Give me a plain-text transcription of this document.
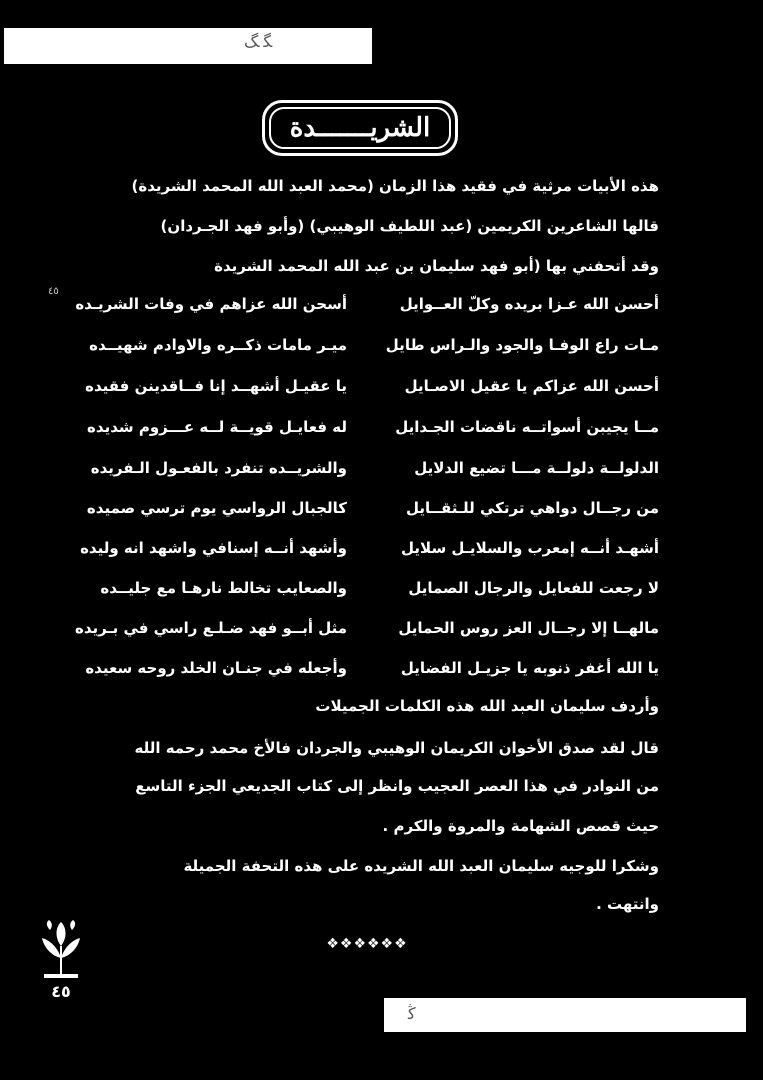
ﮕ ﮓ
ﯕ
الشريـــــــدة
هذه الأبيات مرثية في فقيد هذا الزمان (محمد العبد الله المحمد الشريدة)
قالها الشاعرين الكريمين (عبد اللطيف الوهيبي) (وأبو فهد الجـردان)
وقد أتحفني بها (أبو فهد سليمان بن عبد الله المحمد الشريدة
٤٥
أحسن الله عـزا بريده وكلّ العــوايل
أسحن الله عزاهم في وفات الشريـده
مـات راع الوفـا والجود والـراس طايل
ميـر مامات ذكــره والاوادم شهيــده
أحسن الله عزاكم يا عقيل الاصـايل
يا عقيـل أشهــد إنا فــاقدينن فقيده
مــا يجيبن أسواتــه ناقضات الجـدايل
له فعايـل قويــة لــه عـــزوم شديده
الدلولــة دلولــة مـــا تضيع الدلايل
والشريــده تنفرد بالفعـول الـفريده
من رجــال دواهي ترتكي للـثقــايل
كالجبال الرواسي يوم ترسي صميده
أشهـد أنــه إمعرب والسلايـل سلايل
وأشهد أنــه إسنافي واشهد انه وليده
لا رجعت للفعايل والرجال الصمايل
والصعايب تخالط نارهـا مع جليــده
مالهــا إلا رجــال العز روس الحمايل
مثل أبــو فهد ضـلـع راسي في بـريده
يا الله أغفر ذنوبه يا جزيـل الفضايل
وأجعله في جنـان الخلد روحه سعيده
وأردف سليمان العبد الله هذه الكلمات الجميلات
قال لقد صدق الأخوان الكريمان الوهيبي والجردان فالأخ محمد رحمه الله
من النوادر في هذا العصر العجيب وانظر إلى كتاب الجديعي الجزء التاسع
حيث قصص الشهامة والمروة والكرم .
وشكرا للوجيه سليمان العبد الله الشريده على هذه التحفة الجميلة
وانتهت .
❖❖❖❖❖❖
٤٥
